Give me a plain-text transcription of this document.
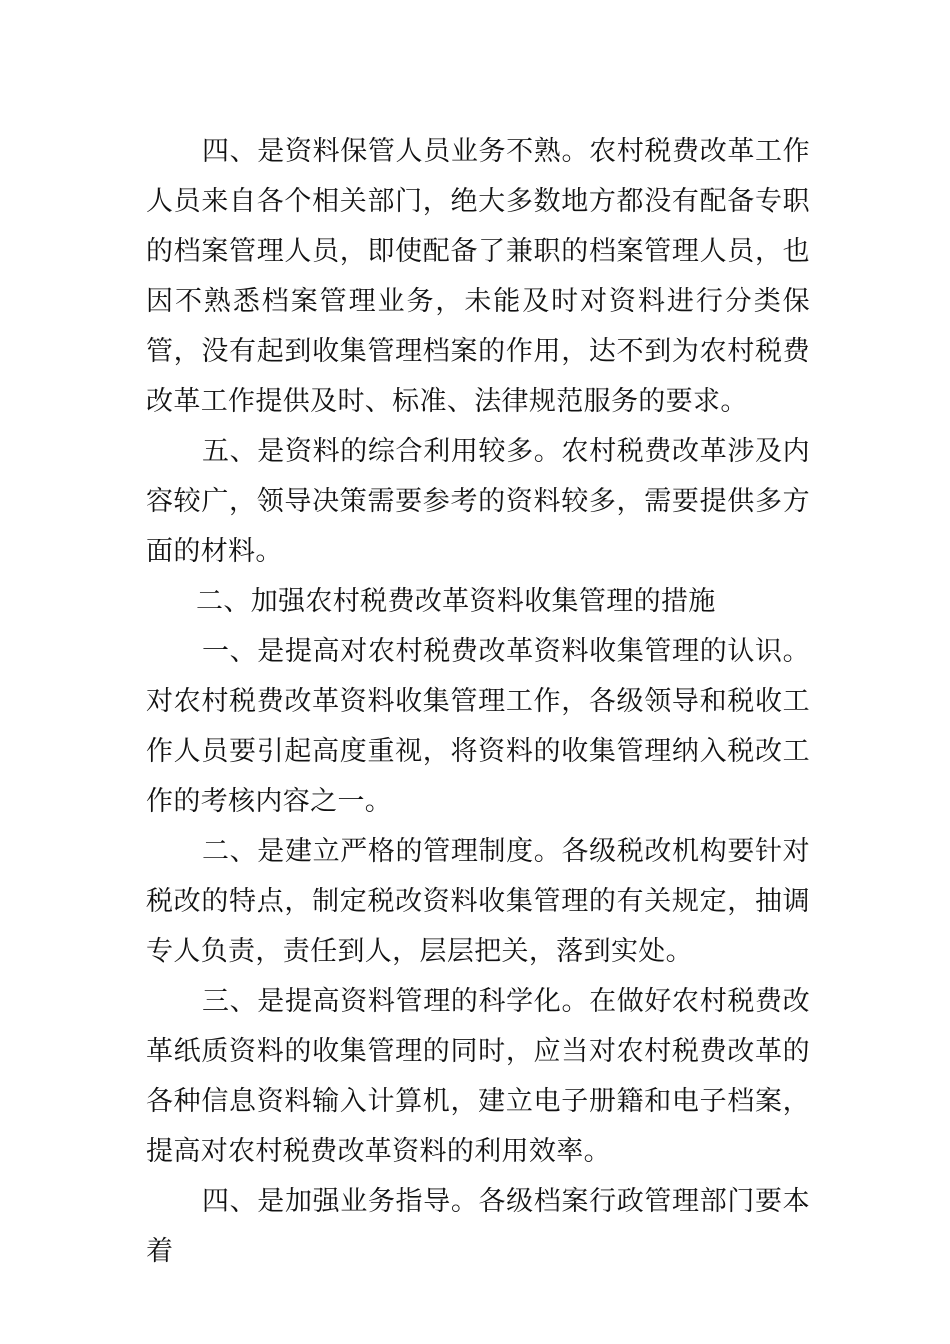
四、是资料保管人员业务不熟。农村税费改革工作人员来自各个相关部门，绝大多数地方都没有配备专职的档案管理人员，即使配备了兼职的档案管理人员，也因不熟悉档案管理业务，未能及时对资料进行分类保管，没有起到收集管理档案的作用，达不到为农村税费改革工作提供及时、标准、法律规范服务的要求。

五、是资料的综合利用较多。农村税费改革涉及内容较广，领导决策需要参考的资料较多，需要提供多方面的材料。

二、加强农村税费改革资料收集管理的措施

一、是提高对农村税费改革资料收集管理的认识。对农村税费改革资料收集管理工作，各级领导和税收工作人员要引起高度重视，将资料的收集管理纳入税改工作的考核内容之一。

二、是建立严格的管理制度。各级税改机构要针对税改的特点，制定税改资料收集管理的有关规定，抽调专人负责，责任到人，层层把关，落到实处。

三、是提高资料管理的科学化。在做好农村税费改革纸质资料的收集管理的同时，应当对农村税费改革的各种信息资料输入计算机，建立电子册籍和电子档案，提高对农村税费改革资料的利用效率。

四、是加强业务指导。各级档案行政管理部门要本着
